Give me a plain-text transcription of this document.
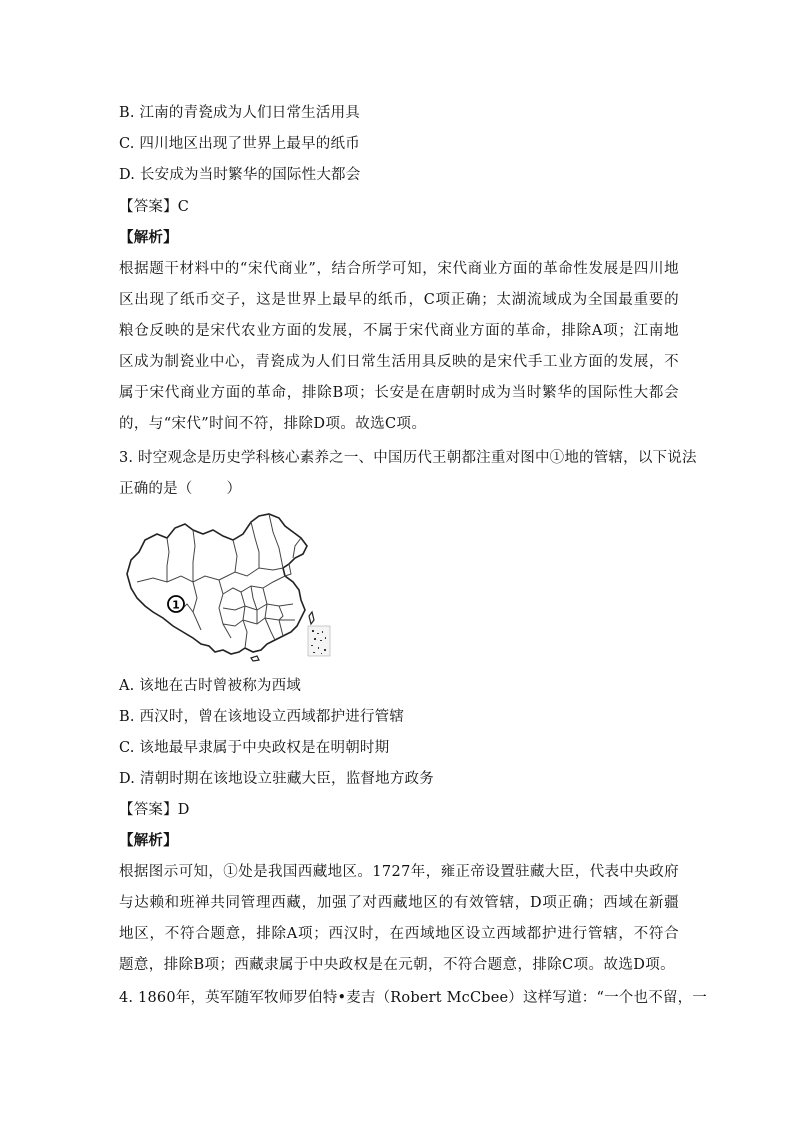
B. 江南的青瓷成为人们日常生活用具
C. 四川地区出现了世界上最早的纸币
D. 长安成为当时繁华的国际性大都会
【答案】C
【解析】
根据题干材料中的“宋代商业”，结合所学可知，宋代商业方面的革命性发展是四川地区出现了纸币交子，这是世界上最早的纸币，C项正确；太湖流域成为全国最重要的粮仓反映的是宋代农业方面的发展，不属于宋代商业方面的革命，排除A项；江南地区成为制瓷业中心，青瓷成为人们日常生活用具反映的是宋代手工业方面的发展，不属于宋代商业方面的革命，排除B项；长安是在唐朝时成为当时繁华的国际性大都会的，与“宋代”时间不符，排除D项。故选C项。
3. 时空观念是历史学科核心素养之一、中国历代王朝都注重对图中①地的管辖，以下说法
正确的是（ ）
1
A. 该地在古时曾被称为西域
B. 西汉时，曾在该地设立西域都护进行管辖
C. 该地最早隶属于中央政权是在明朝时期
D. 清朝时期在该地设立驻藏大臣，监督地方政务
【答案】D
【解析】
根据图示可知，①处是我国西藏地区。1727年，雍正帝设置驻藏大臣，代表中央政府与达赖和班禅共同管理西藏，加强了对西藏地区的有效管辖，D项正确；西域在新疆地区，不符合题意，排除A项；西汉时，在西域地区设立西域都护进行管辖，不符合题意，排除B项；西藏隶属于中央政权是在元朝，不符合题意，排除C项。故选D项。
4. 1860年，英军随军牧师罗伯特•麦吉（Robert McCbee）这样写道：“一个也不留，一
